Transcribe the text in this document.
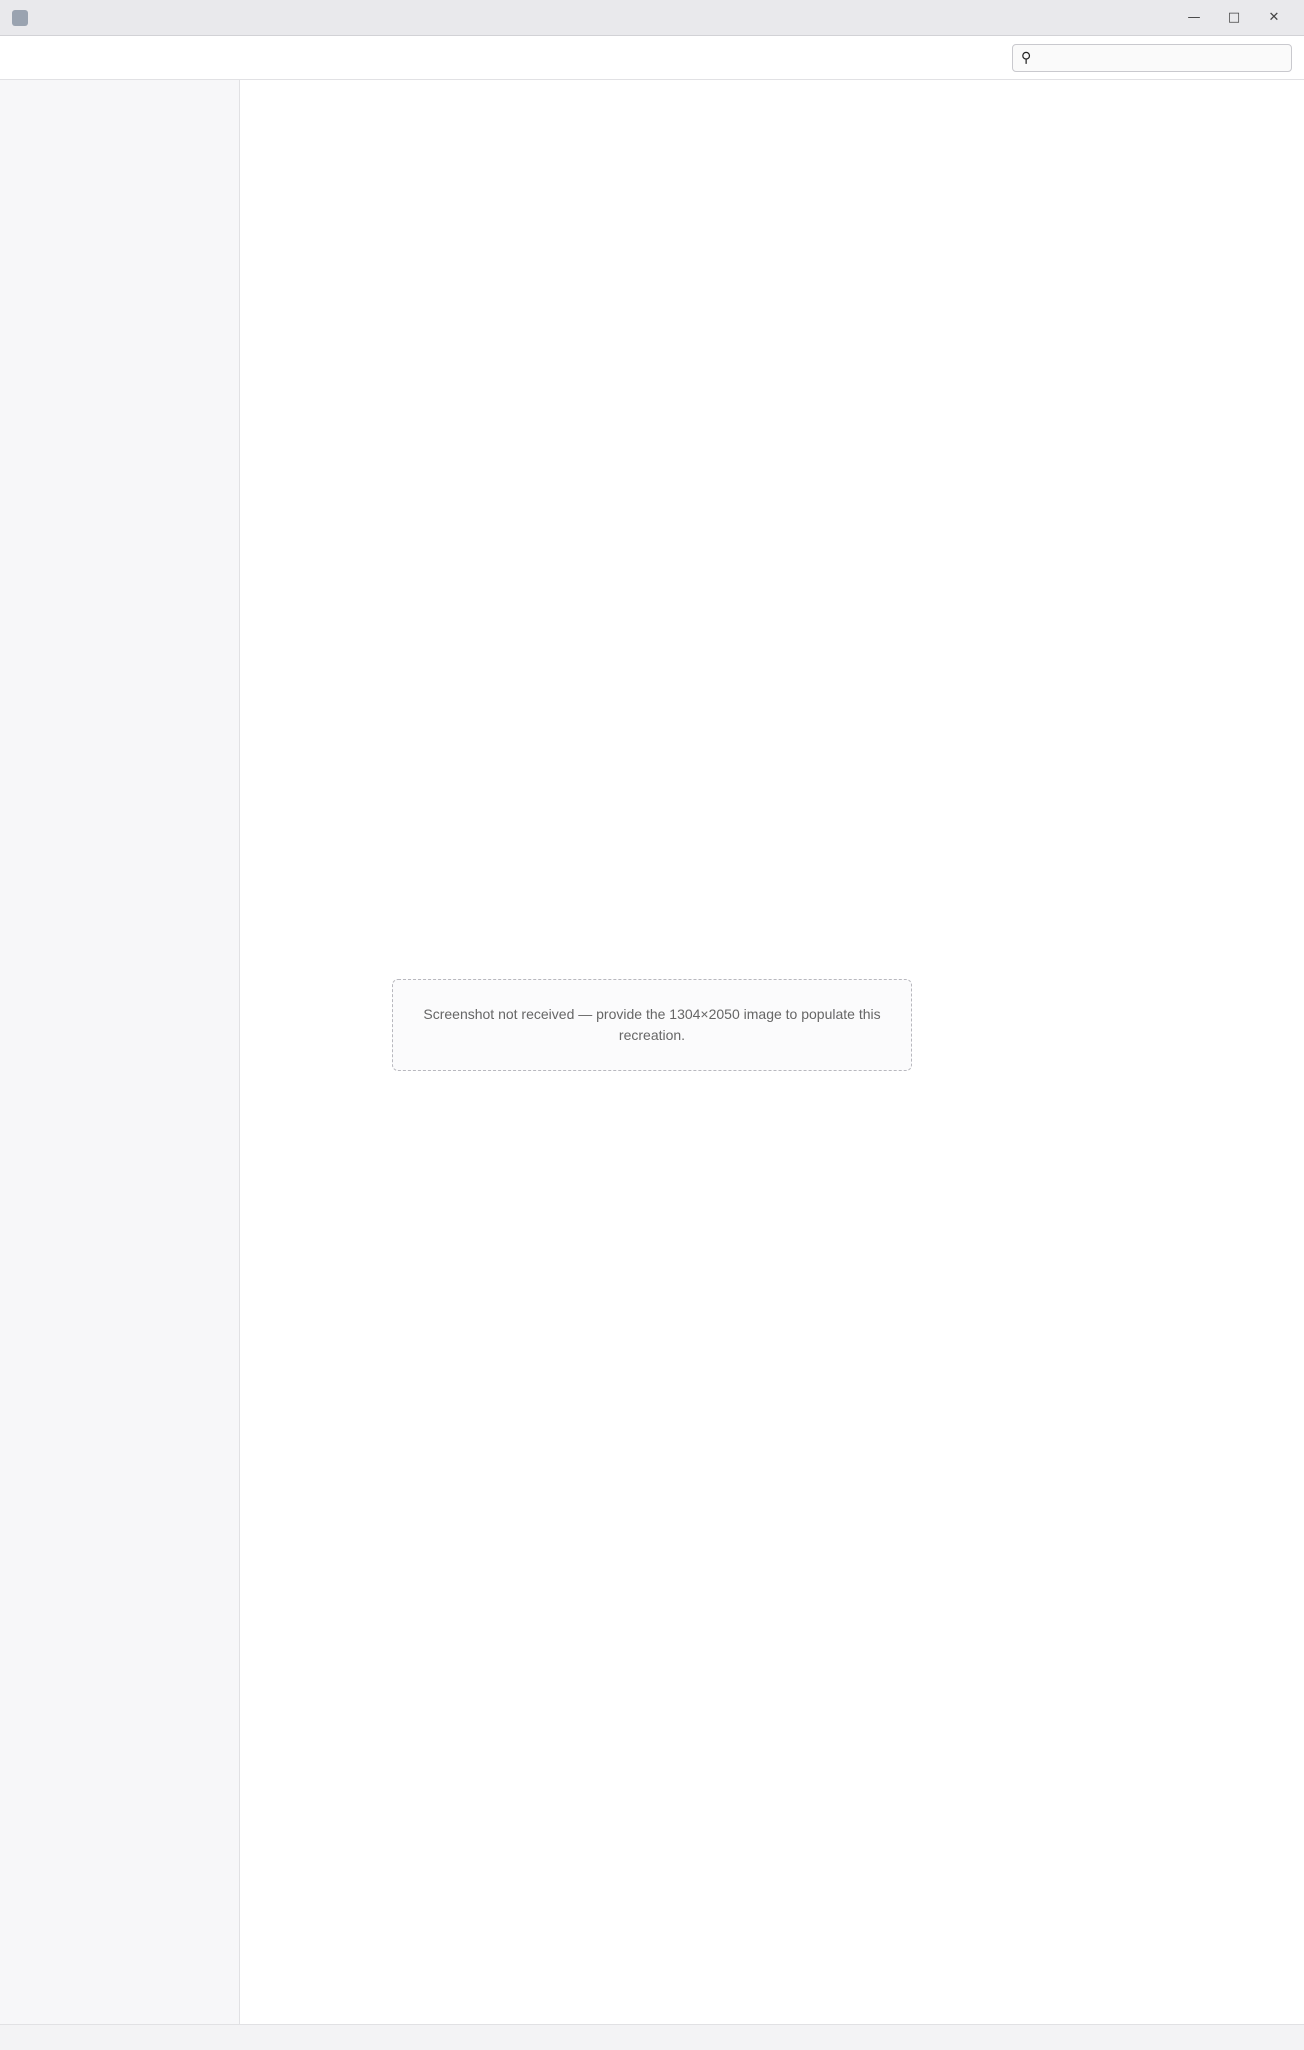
—	□	✕
⚲
Screenshot not received — provide the 1304×2050 image to populate this recreation.
